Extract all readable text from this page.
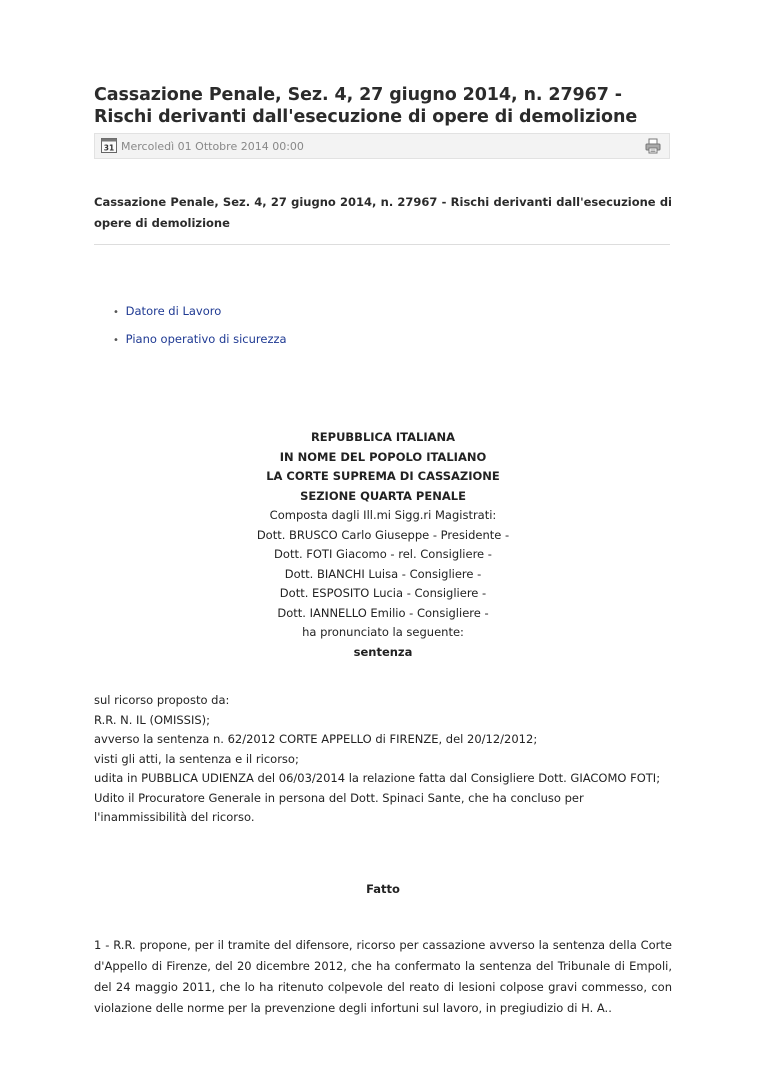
Cassazione Penale, Sez. 4, 27 giugno 2014, n. 27967 - Rischi derivanti dall'esecuzione di opere di demolizione
31 Mercoledì 01 Ottobre 2014 00:00
Cassazione Penale, Sez. 4, 27 giugno 2014, n. 27967 - Rischi derivanti dall'esecuzione di opere di demolizione
• Datore di Lavoro
• Piano operativo di sicurezza
REPUBBLICA ITALIANA
IN NOME DEL POPOLO ITALIANO
LA CORTE SUPREMA DI CASSAZIONE
SEZIONE QUARTA PENALE
Composta dagli Ill.mi Sigg.ri Magistrati:
Dott. BRUSCO Carlo Giuseppe - Presidente -
Dott. FOTI Giacomo - rel. Consigliere -
Dott. BIANCHI Luisa - Consigliere -
Dott. ESPOSITO Lucia - Consigliere -
Dott. IANNELLO Emilio - Consigliere -
ha pronunciato la seguente:
sentenza
sul ricorso proposto da:
R.R. N. IL (OMISSIS);
avverso la sentenza n. 62/2012 CORTE APPELLO di FIRENZE, del 20/12/2012;
visti gli atti, la sentenza e il ricorso;
udita in PUBBLICA UDIENZA del 06/03/2014 la relazione fatta dal Consigliere Dott. GIACOMO FOTI;
Udito il Procuratore Generale in persona del Dott. Spinaci Sante, che ha concluso per l'inammissibilità del ricorso.
Fatto
1 - R.R. propone, per il tramite del difensore, ricorso per cassazione avverso la sentenza della Corte d'Appello di Firenze, del 20 dicembre 2012, che ha confermato la sentenza del Tribunale di Empoli, del 24 maggio 2011, che lo ha ritenuto colpevole del reato di lesioni colpose gravi commesso, con violazione delle norme per la prevenzione degli infortuni sul lavoro, in pregiudizio di H. A..
